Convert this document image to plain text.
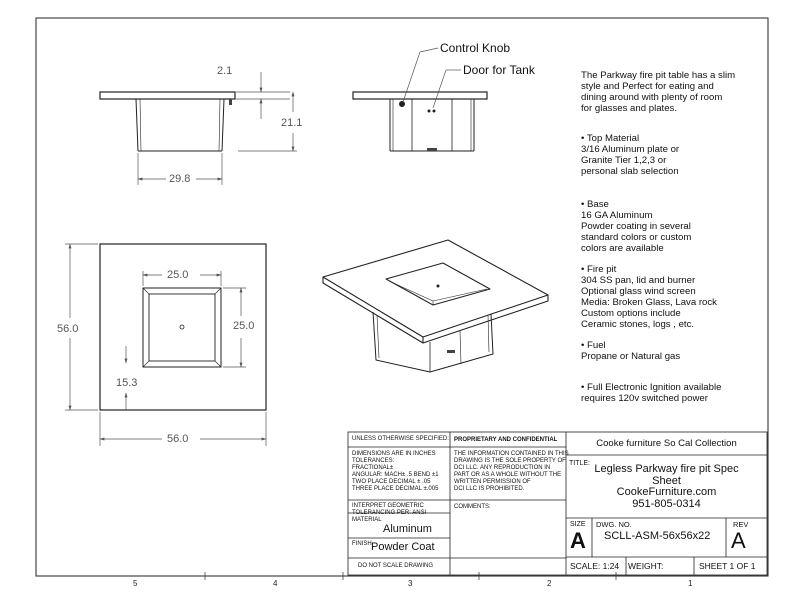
Control Knob
Door for Tank
2.1
21.1
29.8
25.0
25.0
56.0
56.0
15.3
The Parkway fire pit table has a slim
style and Perfect for eating and
dining around with plenty of room
for glasses and plates.
• Top Material
3/16 Aluminum plate or
Granite Tier 1,2,3 or
personal slab selection
• Base
16 GA Aluminum
Powder coating in several
standard colors or custom
colors are available
• Fire pit
304 SS pan, lid and burner
Optional glass wind screen
Media: Broken Glass, Lava rock
Custom options include
Ceramic stones, logs , etc.
• Fuel
Propane or Natural gas
• Full Electronic Ignition available
requires 120v switched power
UNLESS OTHERWISE SPECIFIED:
DIMENSIONS ARE IN INCHES
TOLERANCES:
FRACTIONAL±
ANGULAR: MACH± .5 BEND ±1
TWO PLACE DECIMAL ± .05
THREE PLACE DECIMAL ±.005
INTERPRET GEOMETRIC
TOLERANCING PER: ANSI
MATERIAL
Aluminum
FINISH Powder Coat
DO NOT SCALE DRAWING
PROPRIETARY AND CONFIDENTIAL
THE INFORMATION CONTAINED IN THIS
DRAWING IS THE SOLE PROPERTY OF
DCI LLC. ANY REPRODUCTION IN
PART OR AS A WHOLE WITHOUT THE
WRITTEN PERMISSION OF
DCI LLC IS PROHIBITED.
COMMENTS:
Cooke furniture So Cal Collection
TITLE: Legless Parkway fire pit Spec
Sheet
CookeFurniture.com
951-805-0314
SIZE
A
DWG. NO.
SCLL-ASM-56x56x22
REV
A
SCALE: 1:24 WEIGHT:	SHEET 1 OF 1
5	4	3	2	1
